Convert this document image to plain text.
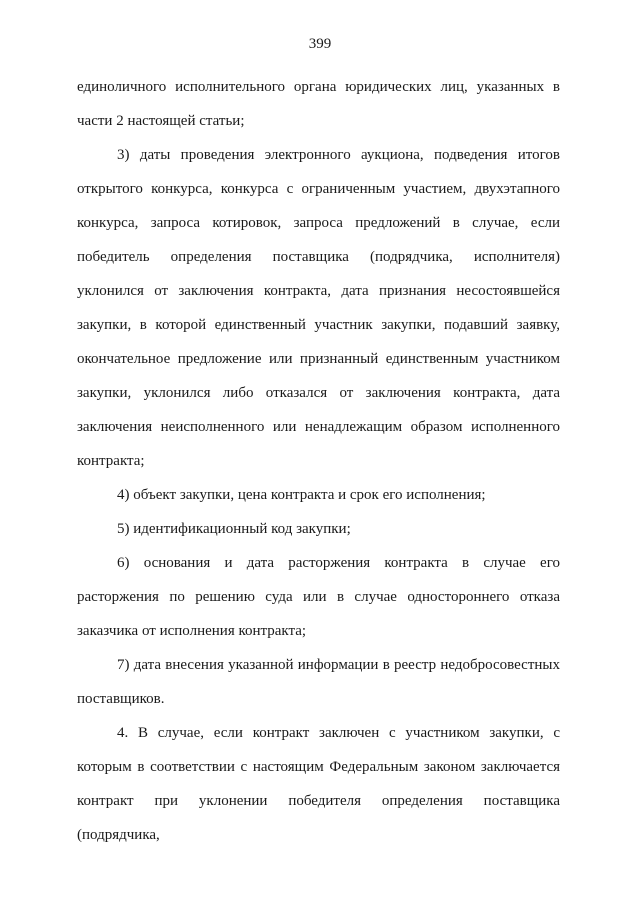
399

единоличного исполнительного органа юридических лиц, указанных в части 2 настоящей статьи;

3) даты проведения электронного аукциона, подведения итогов открытого конкурса, конкурса с ограниченным участием, двухэтапного конкурса, запроса котировок, запроса предложений в случае, если победитель определения поставщика (подрядчика, исполнителя) уклонился от заключения контракта, дата признания несостоявшейся закупки, в которой единственный участник закупки, подавший заявку, окончательное предложение или признанный единственным участником закупки, уклонился либо отказался от заключения контракта, дата заключения неисполненного или ненадлежащим образом исполненного контракта;

4) объект закупки, цена контракта и срок его исполнения;

5) идентификационный код закупки;

6) основания и дата расторжения контракта в случае его расторжения по решению суда или в случае одностороннего отказа заказчика от исполнения контракта;

7) дата внесения указанной информации в реестр недобросовестных поставщиков.

4. В случае, если контракт заключен с участником закупки, с которым в соответствии с настоящим Федеральным законом заключается контракт при уклонении победителя определения поставщика (подрядчика,
